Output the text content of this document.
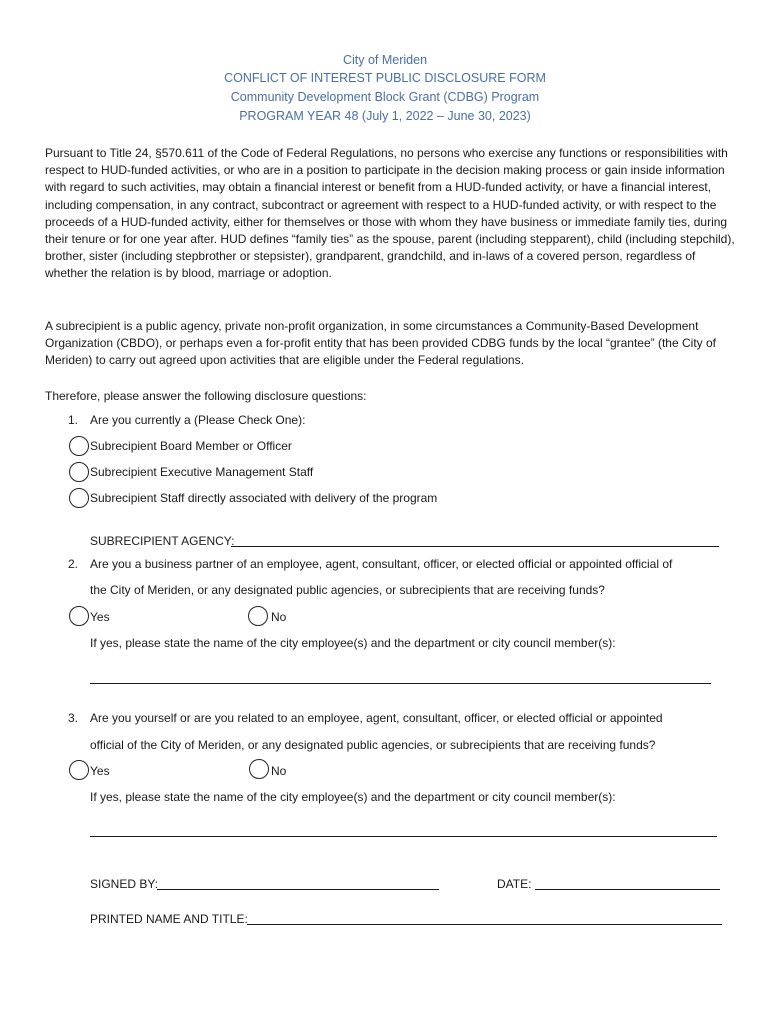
City of Meriden
CONFLICT OF INTEREST PUBLIC DISCLOSURE FORM
Community Development Block Grant (CDBG) Program
PROGRAM YEAR 48 (July 1, 2022 – June 30, 2023)
Pursuant to Title 24, §570.611 of the Code of Federal Regulations, no persons who exercise any functions or responsibilities with respect to HUD-funded activities, or who are in a position to participate in the decision making process or gain inside information with regard to such activities, may obtain a financial interest or benefit from a HUD-funded activity, or have a financial interest, including compensation, in any contract, subcontract or agreement with respect to a HUD-funded activity, or with respect to the proceeds of a HUD-funded activity, either for themselves or those with whom they have business or immediate family ties, during their tenure or for one year after. HUD defines “family ties” as the spouse, parent (including stepparent), child (including stepchild), brother, sister (including stepbrother or stepsister), grandparent, grandchild, and in-laws of a covered person, regardless of whether the relation is by blood, marriage or adoption.
A subrecipient is a public agency, private non-profit organization, in some circumstances a Community-Based Development Organization (CBDO), or perhaps even a for-profit entity that has been provided CDBG funds by the local “grantee” (the City of Meriden) to carry out agreed upon activities that are eligible under the Federal regulations.
Therefore, please answer the following disclosure questions:
1. Are you currently a (Please Check One):
Subrecipient Board Member or Officer
Subrecipient Executive Management Staff
Subrecipient Staff directly associated with delivery of the program
SUBRECIPIENT AGENCY:
2. Are you a business partner of an employee, agent, consultant, officer, or elected official or appointed official of
the City of Meriden, or any designated public agencies, or subrecipients that are receiving funds?
Yes	No
If yes, please state the name of the city employee(s) and the department or city council member(s):
3. Are you yourself or are you related to an employee, agent, consultant, officer, or elected official or appointed
official of the City of Meriden, or any designated public agencies, or subrecipients that are receiving funds?
Yes	No
If yes, please state the name of the city employee(s) and the department or city council member(s):
SIGNED BY:	DATE:
PRINTED NAME AND TITLE:
